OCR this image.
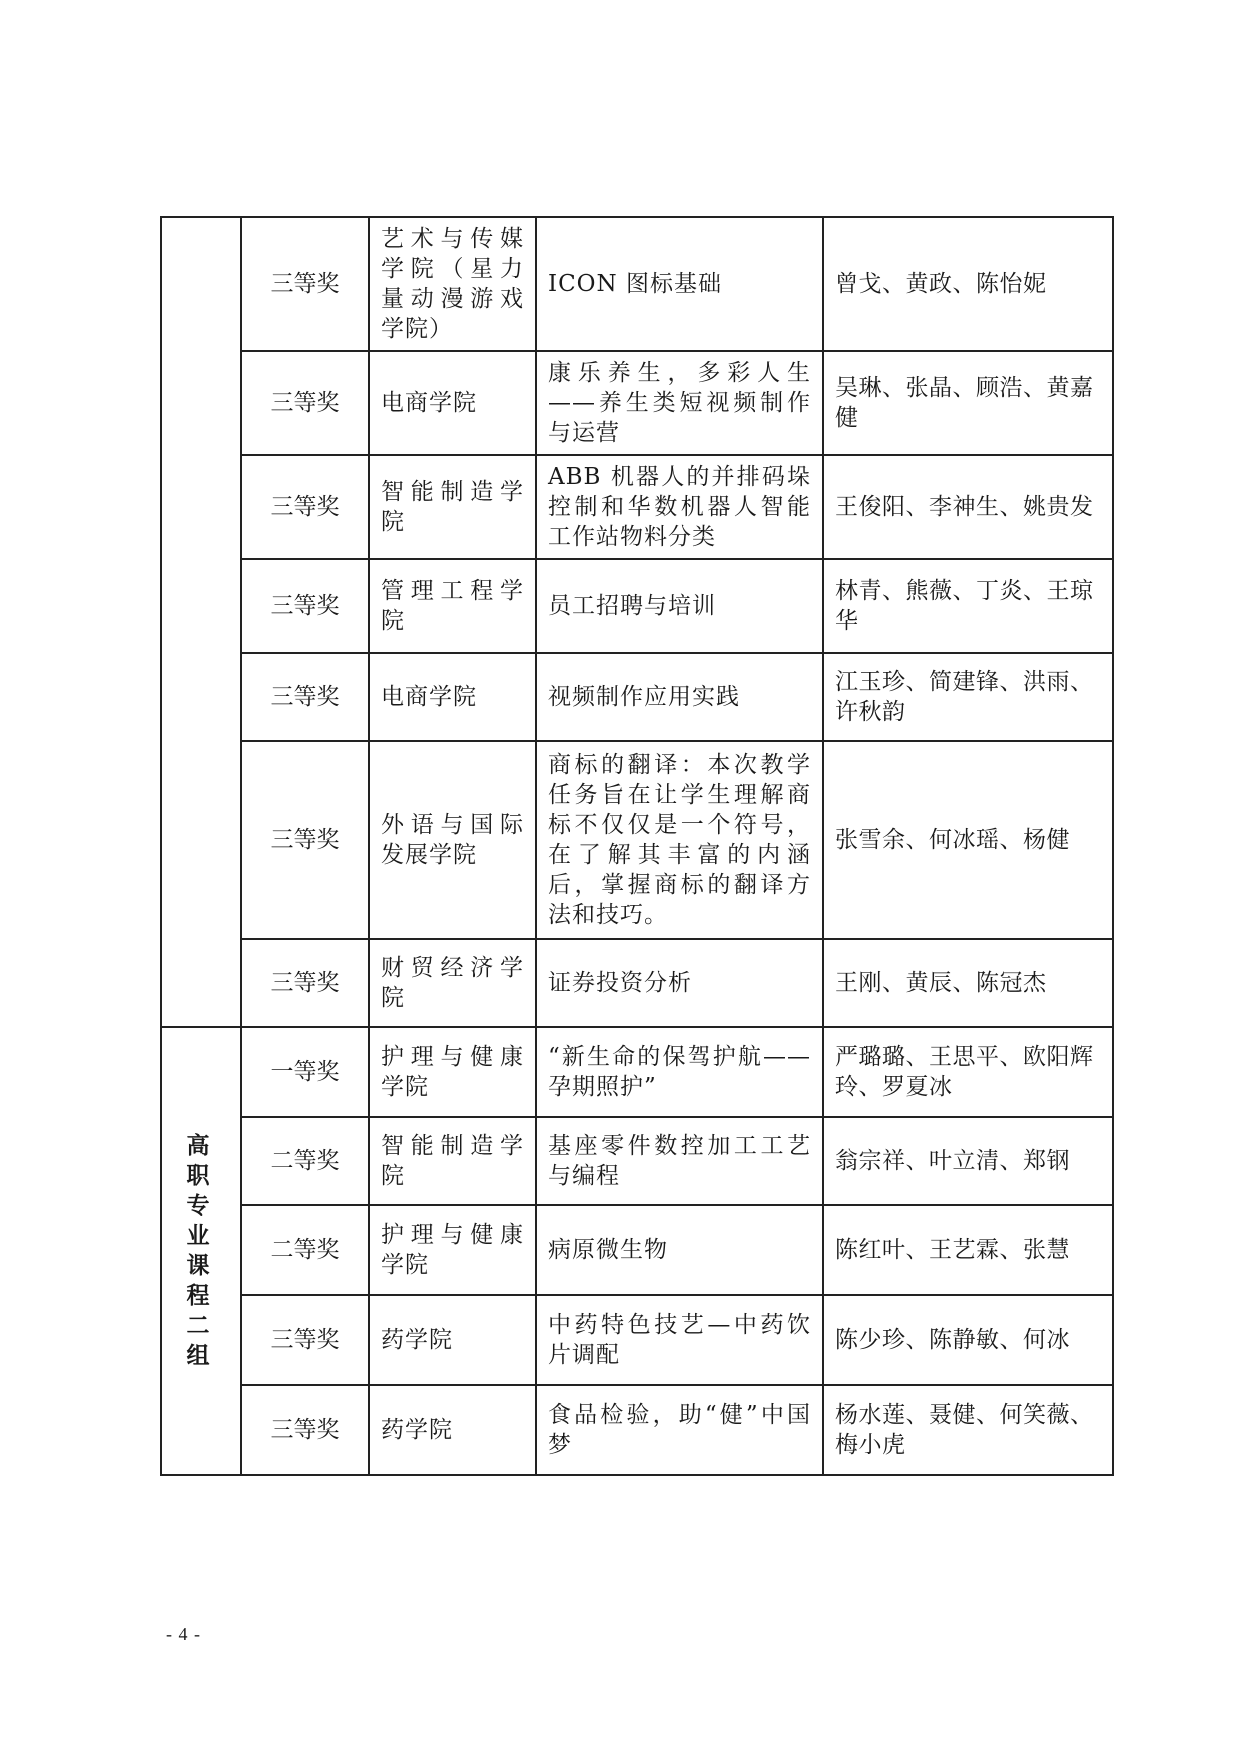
	三等奖	艺术与传媒学院（星力量动漫游戏学院）	ICON 图标基础	曾戈、黄政、陈怡妮
	三等奖	电商学院	康乐养生，多彩人生——养生类短视频制作与运营	吴琳、张晶、顾浩、黄嘉健
	三等奖	智能制造学院	ABB 机器人的并排码垛控制和华数机器人智能工作站物料分类	王俊阳、李神生、姚贵发
	三等奖	管理工程学院	员工招聘与培训	林青、熊薇、丁炎、王琼华
	三等奖	电商学院	视频制作应用实践	江玉珍、简建锋、洪雨、许秋韵
	三等奖	外语与国际发展学院	商标的翻译：本次教学任务旨在让学生理解商标不仅仅是一个符号，在了解其丰富的内涵后，掌握商标的翻译方法和技巧。	张雪余、何冰瑶、杨健
	三等奖	财贸经济学院	证券投资分析	王刚、黄辰、陈冠杰
高职专业课程二组	一等奖	护理与健康学院	“新生命的保驾护航——孕期照护”	严璐璐、王思平、欧阳辉玲、罗夏冰
	二等奖	智能制造学院	基座零件数控加工工艺与编程	翁宗祥、叶立清、郑钢
	二等奖	护理与健康学院	病原微生物	陈红叶、王艺霖、张慧
	三等奖	药学院	中药特色技艺—中药饮片调配	陈少珍、陈静敏、何冰
	三等奖	药学院	食品检验，助“健”中国梦	杨水莲、聂健、何笑薇、梅小虎
- 4 -
